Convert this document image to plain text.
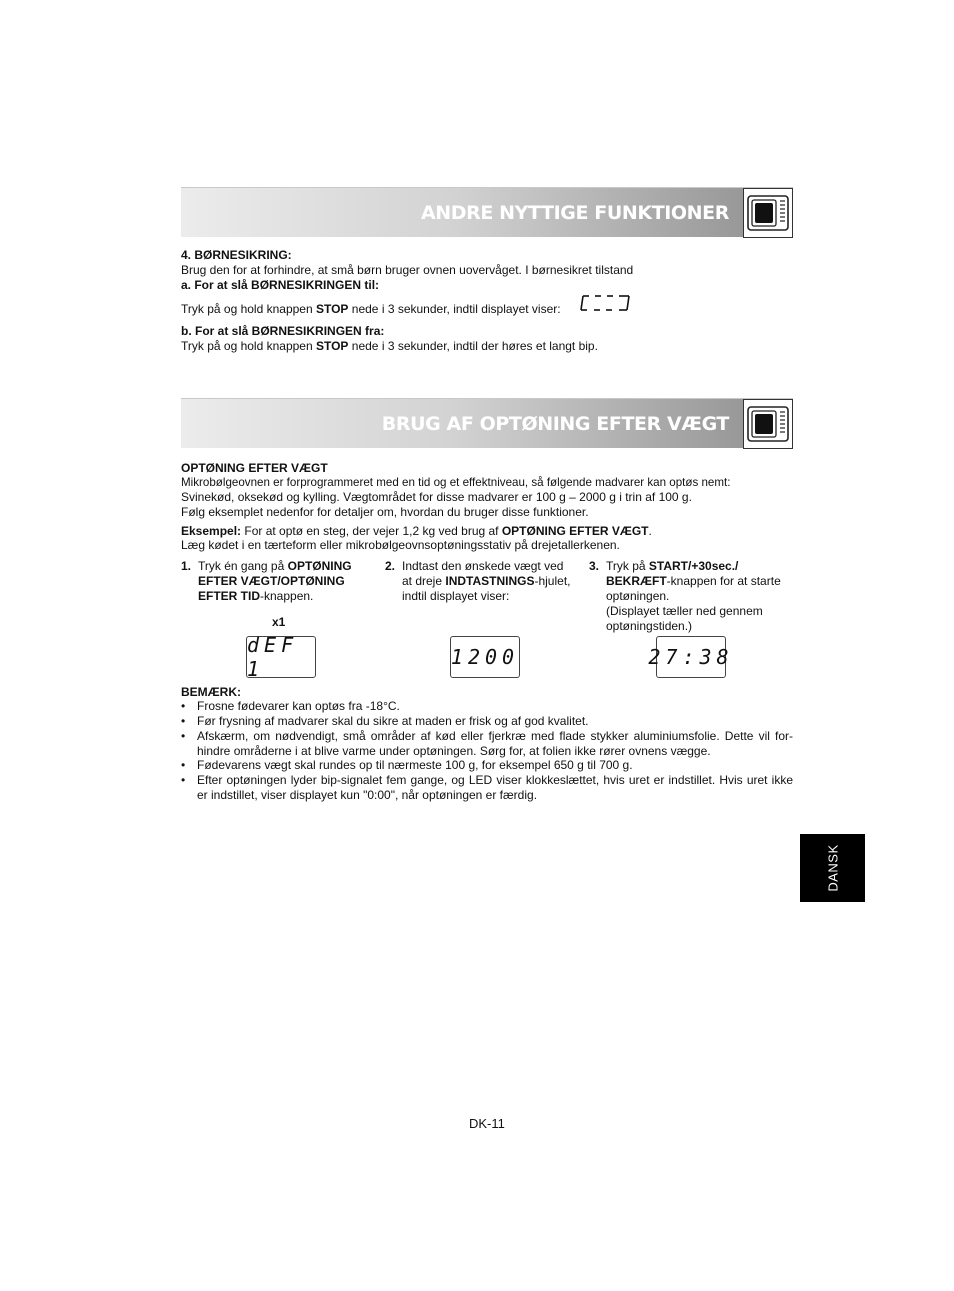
ANDRE NYTTIGE FUNKTIONER
4. BØRNESIKRING:
Brug den for at forhindre, at små børn bruger ovnen uovervåget. I børnesikret tilstand
a. For at slå BØRNESIKRINGEN til:
Tryk på og hold knappen STOP nede i 3 sekunder, indtil displayet viser:
b. For at slå BØRNESIKRINGEN fra:
Tryk på og hold knappen STOP nede i 3 sekunder, indtil der høres et langt bip.
BRUG AF OPTØNING EFTER VÆGT
OPTØNING EFTER VÆGT
Mikrobølgeovnen er forprogrammeret med en tid og et effektniveau, så følgende madvarer kan optøs nemt:
Svinekød, oksekød og kylling. Vægtområdet for disse madvarer er 100 g – 2000 g i trin af 100 g.
Følg eksemplet nedenfor for detaljer om, hvordan du bruger disse funktioner.
Eksempel: For at optø en steg, der vejer 1,2 kg ved brug af OPTØNING EFTER VÆGT.
Læg kødet i en tærteform eller mikrobølgeovnsoptøningsstativ på drejetallerkenen.
1. Tryk én gang på OPTØNING
EFTER VÆGT/OPTØNING
EFTER TID-knappen.
x1
dEF 1
2. Indtast den ønskede vægt ved
at dreje INDTASTNINGS-hjulet,
indtil displayet viser:
1200
3. Tryk på START/+30sec./
BEKRÆFT-knappen for at starte
optøningen.
(Displayet tæller ned gennem
optøningstiden.)
27:38
BEMÆRK:
• Frosne fødevarer kan optøs fra -18°C.
• Før frysning af madvarer skal du sikre at maden er frisk og af god kvalitet.
• Afskærm, om nødvendigt, små områder af kød eller fjerkræ med flade stykker aluminiumsfolie. Dette vil for-hindre områderne i at blive varme under optøningen. Sørg for, at folien ikke rører ovnens vægge.
• Fødevarens vægt skal rundes op til nærmeste 100 g, for eksempel 650 g til 700 g.
• Efter optøningen lyder bip-signalet fem gange, og LED viser klokkeslættet, hvis uret er indstillet. Hvis uret ikke er indstillet, viser displayet kun "0:00", når optøningen er færdig.
DANSK
DK-11
